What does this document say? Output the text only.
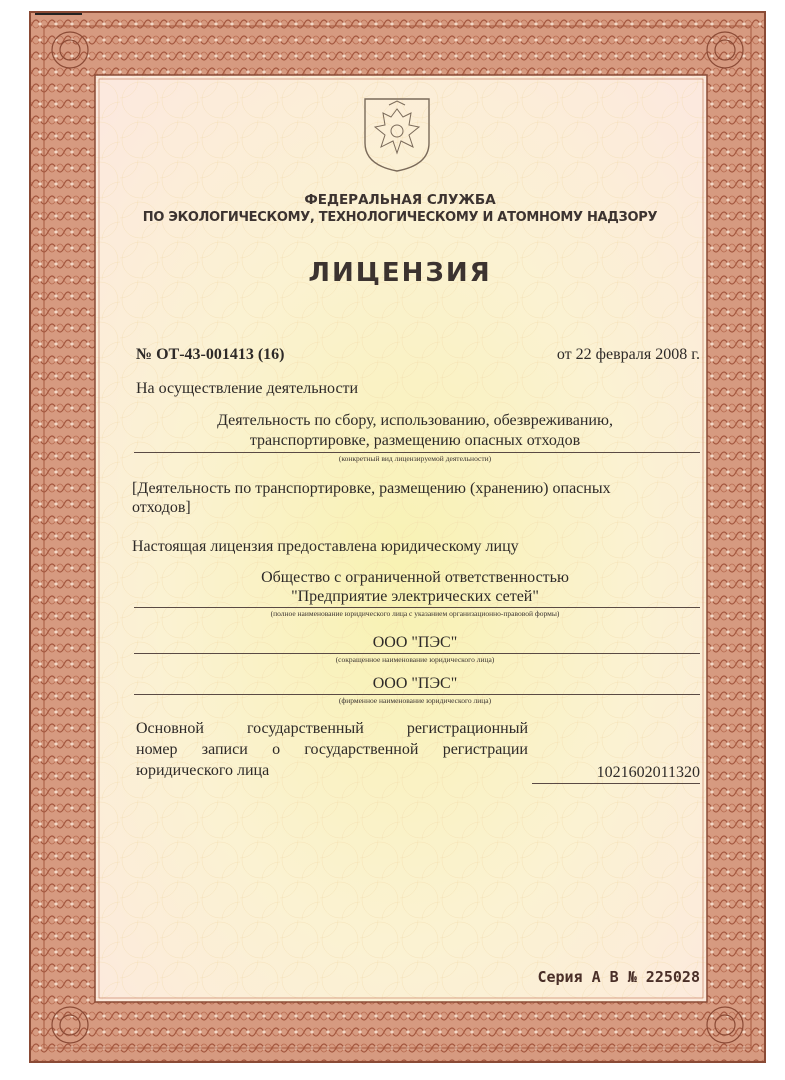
ФЕДЕРАЛЬНАЯ СЛУЖБА
ПО ЭКОЛОГИЧЕСКОМУ, ТЕХНОЛОГИЧЕСКОМУ И АТОМНОМУ НАДЗОРУ
ЛИЦЕНЗИЯ
№ ОТ-43-001413 (16)	от 22 февраля 2008 г.
На осуществление деятельности
Деятельность по сбору, использованию, обезвреживанию,
транспортировке, размещению опасных отходов
(конкретный вид лицензируемой деятельности)
[Деятельность по транспортировке, размещению (хранению) опасных
отходов]
Настоящая лицензия предоставлена юридическому лицу
Общество с ограниченной ответственностью
"Предприятие электрических сетей"
(полное наименование юридического лица с указанием организационно-правовой формы)
ООО "ПЭС"
(сокращенное наименование юридического лица)
ООО "ПЭС"
(фирменное наименование юридического лица)
Основной государственный регистрационный
номер записи о государственной регистрации
юридического лица	1021602011320
Серия А В № 225028
